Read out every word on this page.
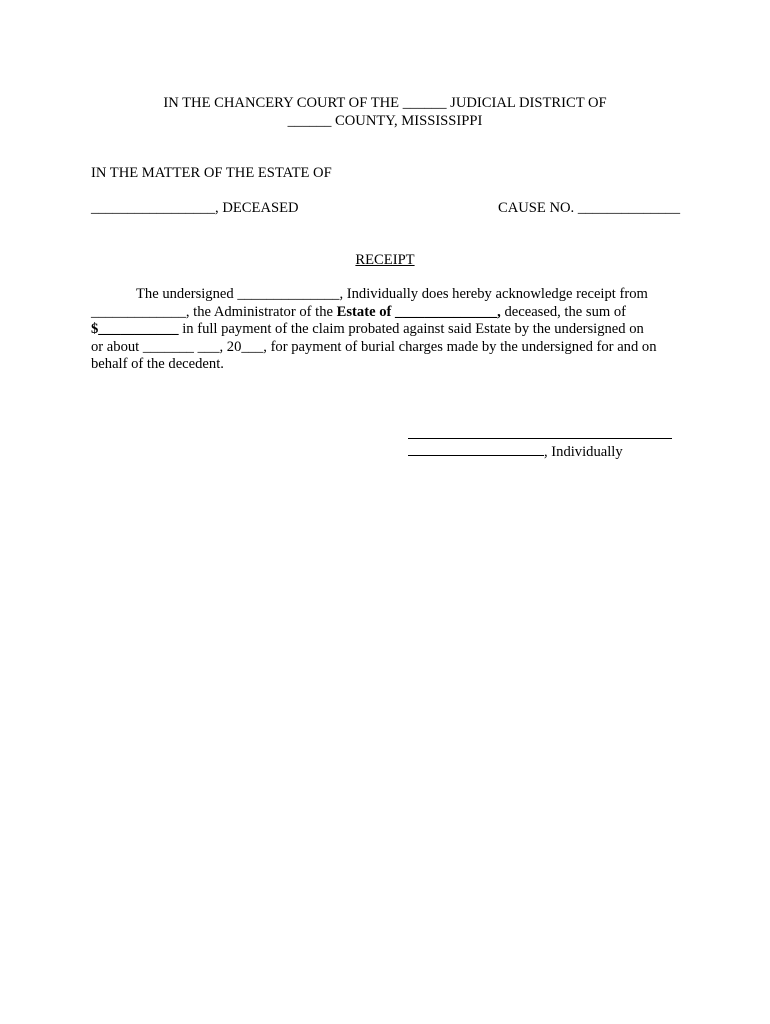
IN THE CHANCERY COURT OF THE ______ JUDICIAL DISTRICT OF
______ COUNTY, MISSISSIPPI
IN THE MATTER OF THE ESTATE OF
_________________, DECEASED	CAUSE NO. ______________
RECEIPT
The undersigned ______________, Individually does hereby acknowledge receipt from
_____________, the Administrator of the Estate of ______________, deceased, the sum of
$___________ in full payment of the claim probated against said Estate by the undersigned on
or about _______ ___, 20___, for payment of burial charges made by the undersigned for and on
behalf of the decedent.
, Individually
